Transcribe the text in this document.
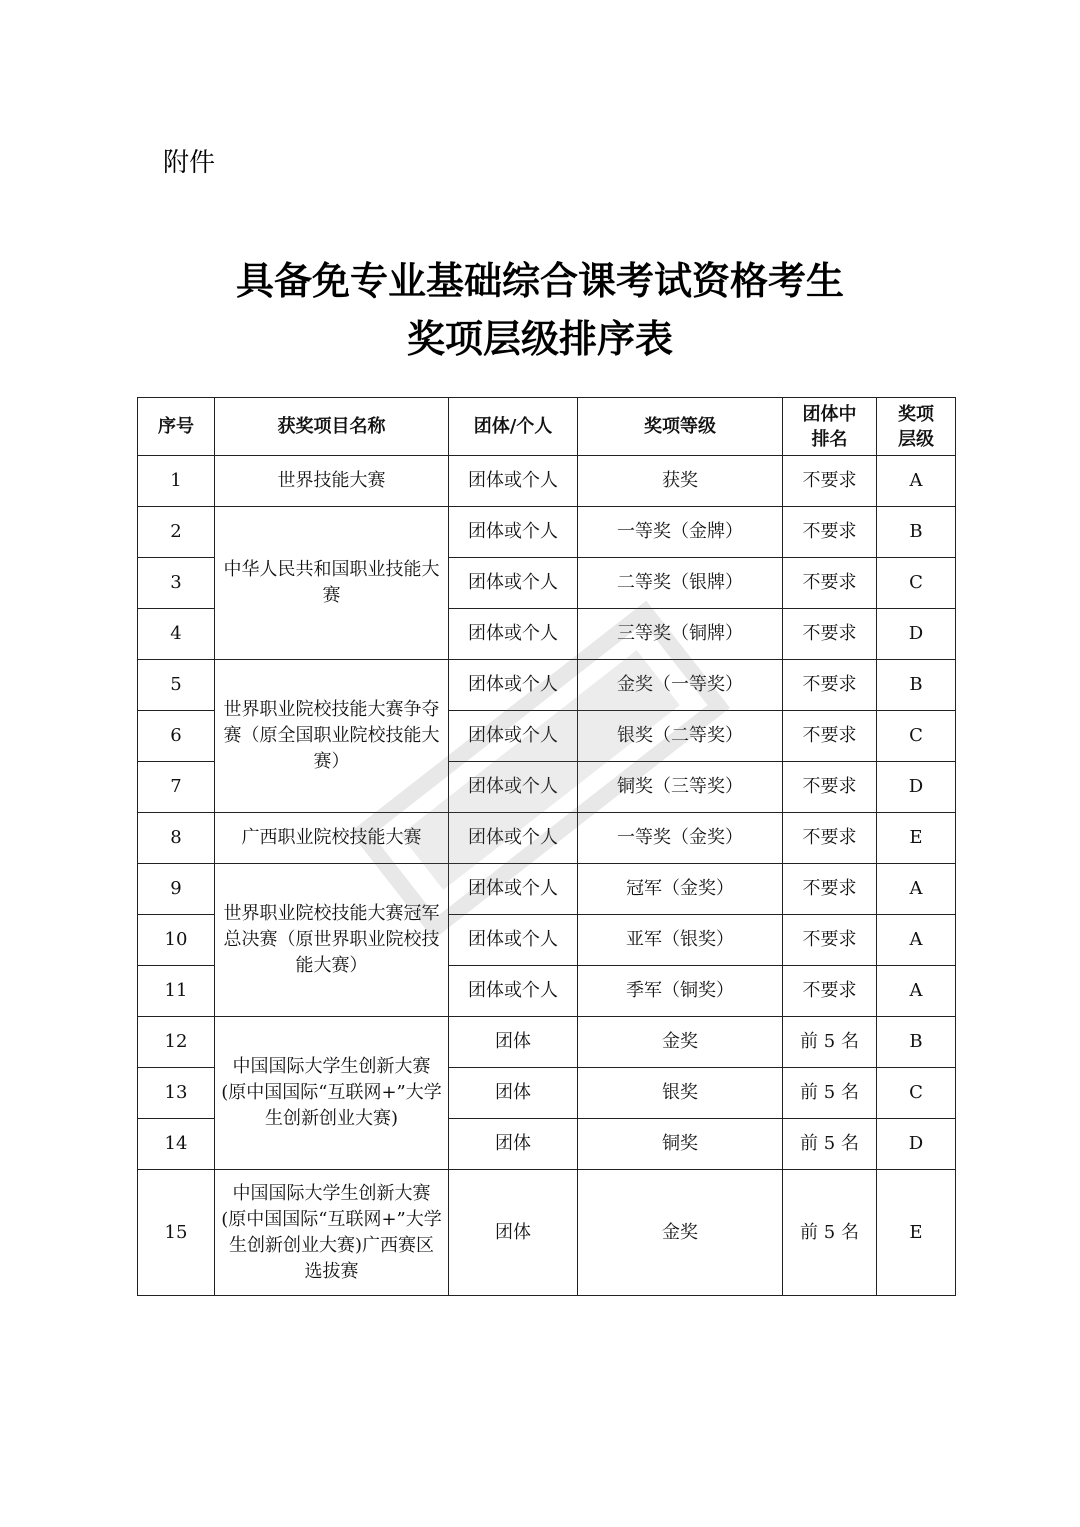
附件
具备免专业基础综合课考试资格考生
奖项层级排序表
序号	获奖项目名称	团体/个人	奖项等级	团体中排名	奖项层级
1	世界技能大赛	团体或个人	获奖	不要求	A
2	中华人民共和国职业技能大赛	团体或个人	一等奖（金牌）	不要求	B
3		团体或个人	二等奖（银牌）	不要求	C
4		团体或个人	三等奖（铜牌）	不要求	D
5	世界职业院校技能大赛争夺赛（原全国职业院校技能大赛）	团体或个人	金奖（一等奖）	不要求	B
6		团体或个人	银奖（二等奖）	不要求	C
7		团体或个人	铜奖（三等奖）	不要求	D
8	广西职业院校技能大赛	团体或个人	一等奖（金奖）	不要求	E
9	世界职业院校技能大赛冠军总决赛（原世界职业院校技能大赛）	团体或个人	冠军（金奖）	不要求	A
10		团体或个人	亚军（银奖）	不要求	A
11		团体或个人	季军（铜奖）	不要求	A
12	中国国际大学生创新大赛(原中国国际“互联网+”大学生创新创业大赛)	团体	金奖	前 5 名	B
13		团体	银奖	前 5 名	C
14		团体	铜奖	前 5 名	D
15	中国国际大学生创新大赛(原中国国际“互联网+”大学生创新创业大赛)广西赛区选拔赛	团体	金奖	前 5 名	E
